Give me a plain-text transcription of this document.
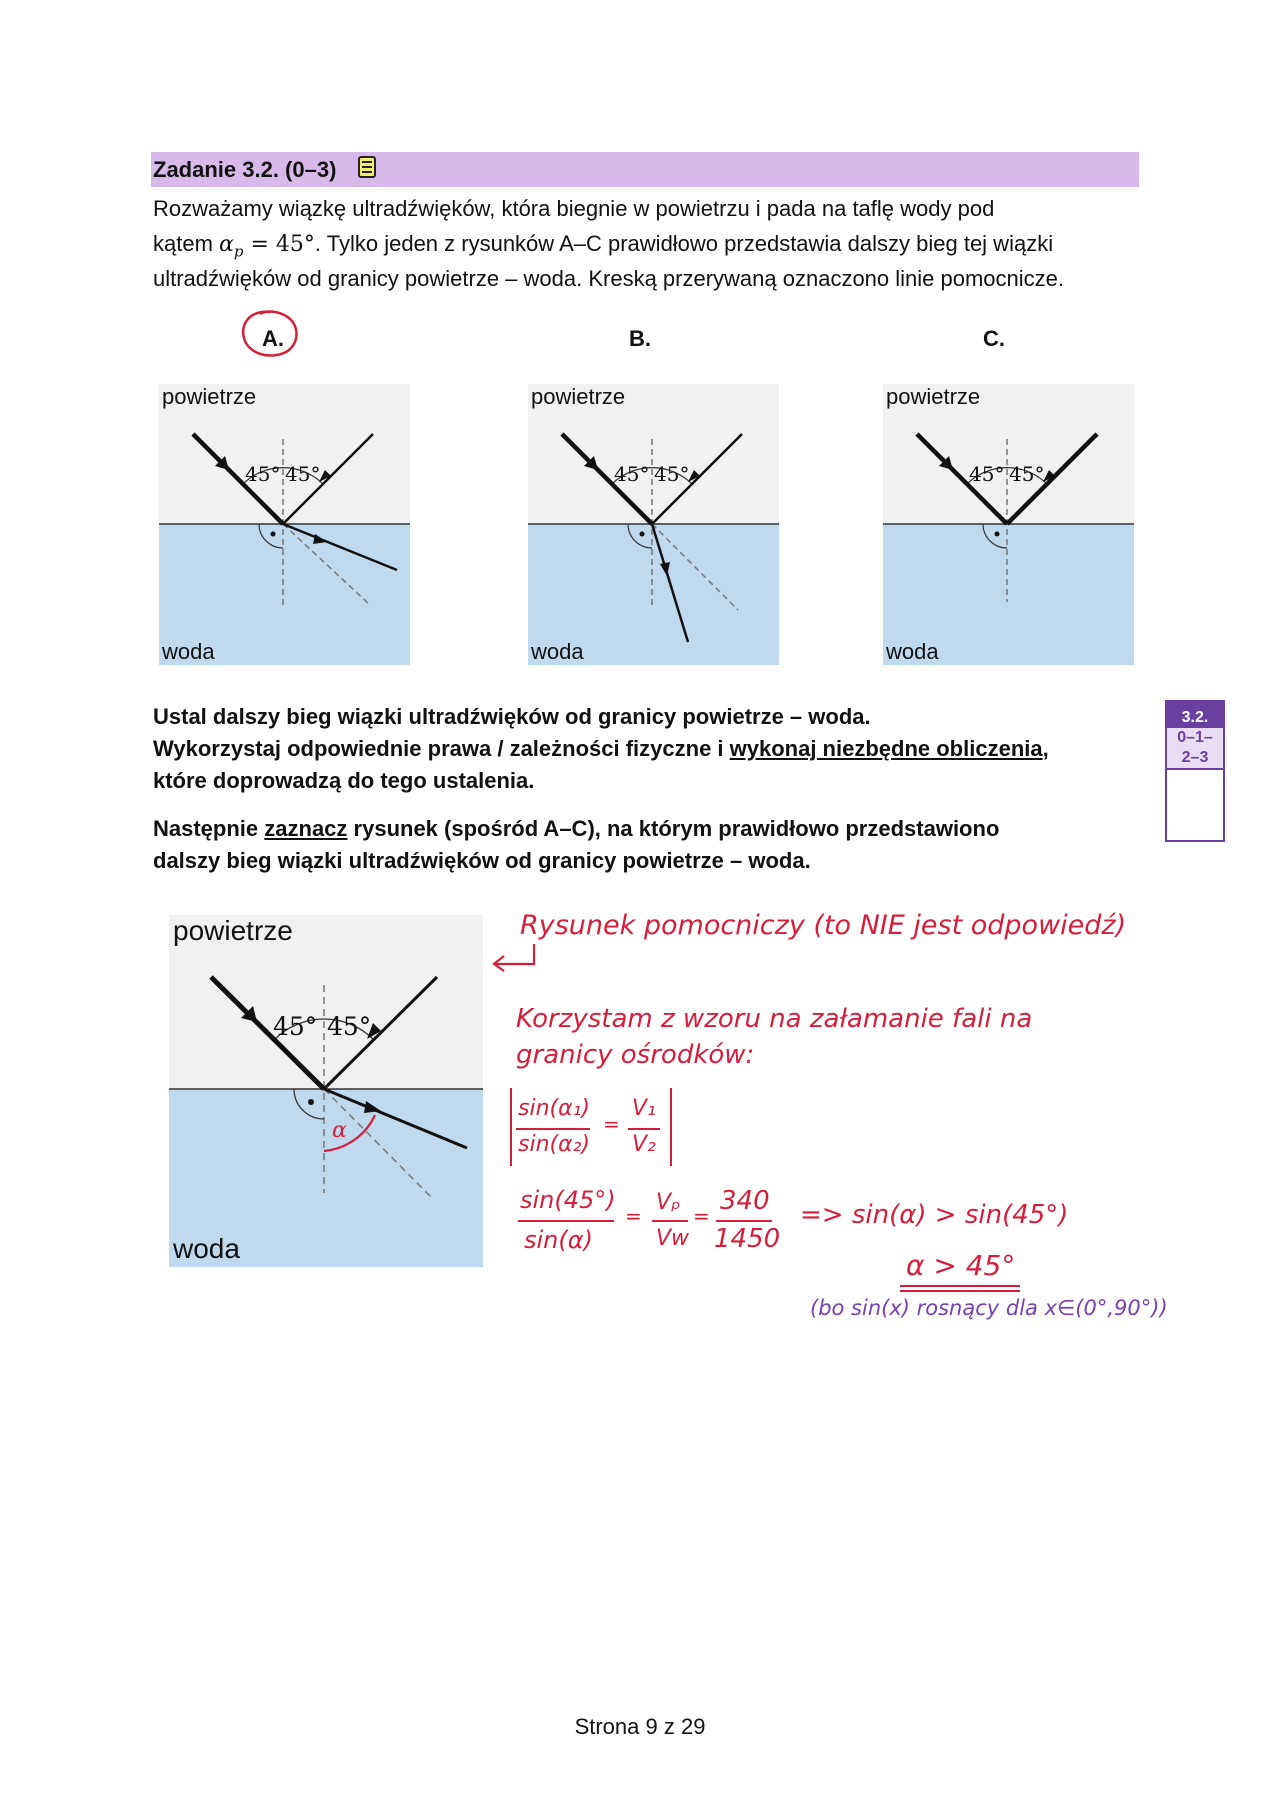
Zadanie 3.2. (0–3)
Rozważamy wiązkę ultradźwięków, która biegnie w powietrzu i pada na taflę wody pod
kątem $\alpha_p = 45^\circ$. Tylko jeden z rysunków A–C prawidłowo przedstawia dalszy bieg tej wiązki
ultradźwięków od granicy powietrze – woda. Kreską przerywaną oznaczono linie pomocnicze.
A.	B.	C.
45° 45°
powietrze
woda
45° 45°
powietrze
woda
45° 45°
powietrze
woda
Ustal dalszy bieg wiązki ultradźwięków od granicy powietrze – woda.
Wykorzystaj odpowiednie prawa / zależności fizyczne i wykonaj niezbędne obliczenia,
które doprowadzą do tego ustalenia.
Następnie zaznacz rysunek (spośród A–C), na którym prawidłowo przedstawiono
dalszy bieg wiązki ultradźwięków od granicy powietrze – woda.
3.2.
0–1–
2–3
45° 45°
α
powietrze
woda
Rysunek pomocniczy (to NIE jest odpowiedź)
Korzystam z wzoru na załamanie fali na
granicy ośrodków:
sin(α₁)
sin(α₂)
=
V₁
V₂
sin(45°)
sin(α)
=
Vₚ
Vw
= 340
1450
=> sin(α) > sin(45°)
α > 45°
(bo sin(x) rosnący dla x∈(0°,90°))
Strona 9 z 29
